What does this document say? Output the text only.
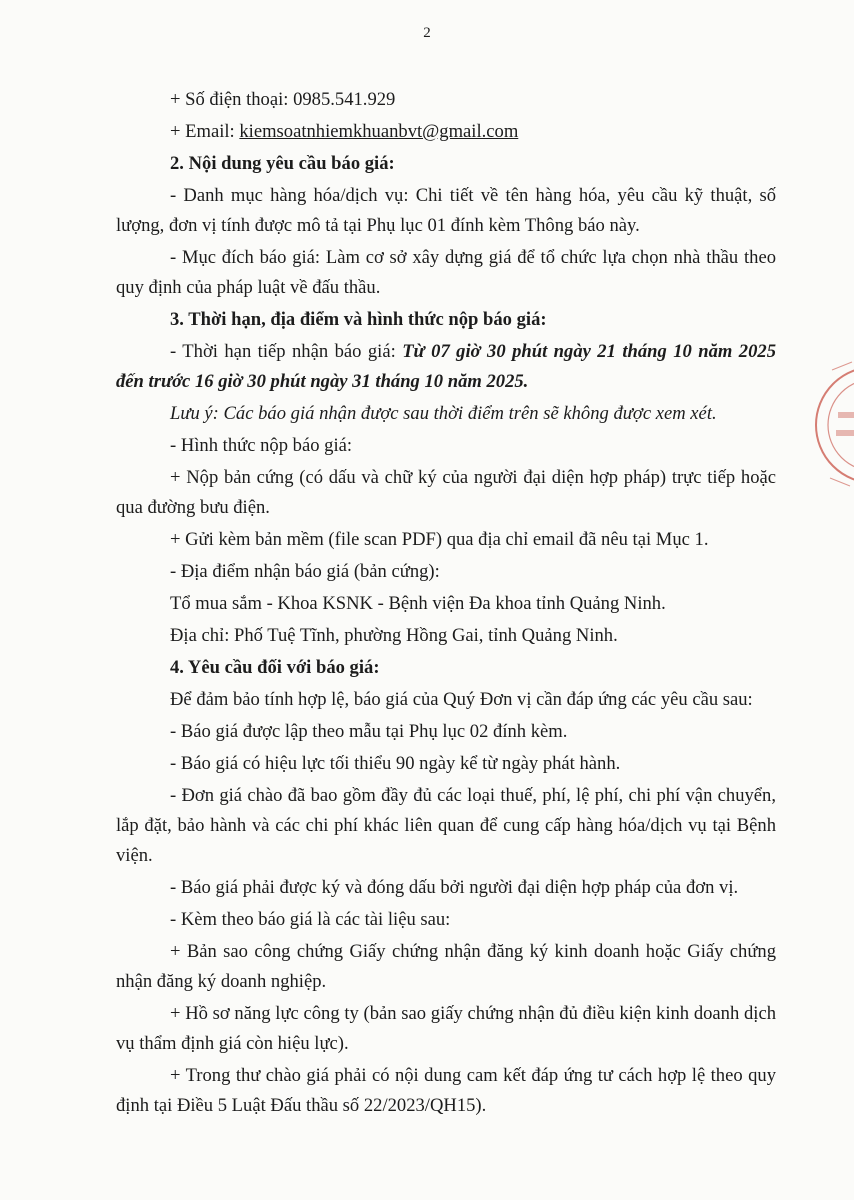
2

+ Số điện thoại: 0985.541.929

+ Email: kiemsoatnhiemkhuanbvt@gmail.com

2. Nội dung yêu cầu báo giá:

- Danh mục hàng hóa/dịch vụ: Chi tiết về tên hàng hóa, yêu cầu kỹ thuật, số lượng, đơn vị tính được mô tả tại Phụ lục 01 đính kèm Thông báo này.

- Mục đích báo giá: Làm cơ sở xây dựng giá để tổ chức lựa chọn nhà thầu theo quy định của pháp luật về đấu thầu.

3. Thời hạn, địa điểm và hình thức nộp báo giá:

- Thời hạn tiếp nhận báo giá: Từ 07 giờ 30 phút ngày 21 tháng 10 năm 2025 đến trước 16 giờ 30 phút ngày 31 tháng 10 năm 2025.

Lưu ý: Các báo giá nhận được sau thời điểm trên sẽ không được xem xét.

- Hình thức nộp báo giá:

+ Nộp bản cứng (có dấu và chữ ký của người đại diện hợp pháp) trực tiếp hoặc qua đường bưu điện.

+ Gửi kèm bản mềm (file scan PDF) qua địa chỉ email đã nêu tại Mục 1.

- Địa điểm nhận báo giá (bản cứng):

Tổ mua sắm - Khoa KSNK - Bệnh viện Đa khoa tỉnh Quảng Ninh.

Địa chỉ: Phố Tuệ Tĩnh, phường Hồng Gai, tỉnh Quảng Ninh.

4. Yêu cầu đối với báo giá:

Để đảm bảo tính hợp lệ, báo giá của Quý Đơn vị cần đáp ứng các yêu cầu sau:

- Báo giá được lập theo mẫu tại Phụ lục 02 đính kèm.

- Báo giá có hiệu lực tối thiểu 90 ngày kể từ ngày phát hành.

- Đơn giá chào đã bao gồm đầy đủ các loại thuế, phí, lệ phí, chi phí vận chuyển, lắp đặt, bảo hành và các chi phí khác liên quan để cung cấp hàng hóa/dịch vụ tại Bệnh viện.

- Báo giá phải được ký và đóng dấu bởi người đại diện hợp pháp của đơn vị.

- Kèm theo báo giá là các tài liệu sau:

+ Bản sao công chứng Giấy chứng nhận đăng ký kinh doanh hoặc Giấy chứng nhận đăng ký doanh nghiệp.

+ Hồ sơ năng lực công ty (bản sao giấy chứng nhận đủ điều kiện kinh doanh dịch vụ thẩm định giá còn hiệu lực).

+ Trong thư chào giá phải có nội dung cam kết đáp ứng tư cách hợp lệ theo quy định tại Điều 5 Luật Đấu thầu số 22/2023/QH15).
